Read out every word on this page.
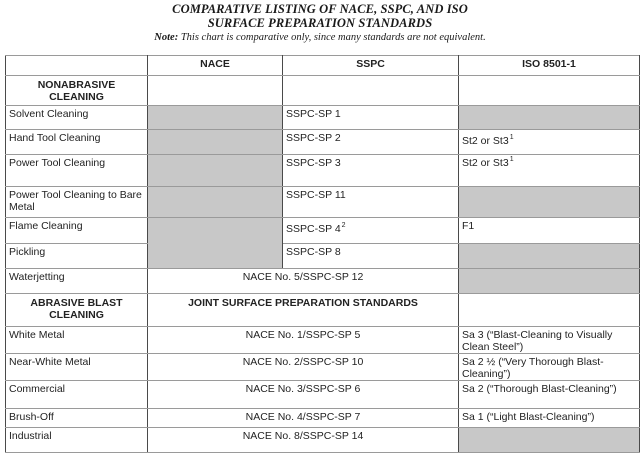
COMPARATIVE LISTING OF NACE, SSPC, AND ISO
SURFACE PREPARATION STANDARDS
Note: This chart is comparative only, since many standards are not equivalent.
	NACE	SSPC	ISO 8501-1
NONABRASIVE CLEANING			
Solvent Cleaning		SSPC-SP 1	
Hand Tool Cleaning		SSPC-SP 2	St2 or St3$^1$
Power Tool Cleaning		SSPC-SP 3	St2 or St3$^1$
Power Tool Cleaning to Bare Metal		SSPC-SP 11	
Flame Cleaning		SSPC-SP 4$^2$	F1
Pickling		SSPC-SP 8	
Waterjetting	NACE No. 5/SSPC-SP 12		
ABRASIVE BLAST CLEANING	JOINT SURFACE PREPARATION STANDARDS		
White Metal	NACE No. 1/SSPC-SP 5		Sa 3 (“Blast-Cleaning to Visually Clean Steel”)
Near-White Metal	NACE No. 2/SSPC-SP 10		Sa 2 ½ (“Very Thorough Blast-Cleaning”)
Commercial	NACE No. 3/SSPC-SP 6		Sa 2 (“Thorough Blast-Cleaning”)
Brush-Off	NACE No. 4/SSPC-SP 7		Sa 1 (“Light Blast-Cleaning”)
Industrial	NACE No. 8/SSPC-SP 14		
